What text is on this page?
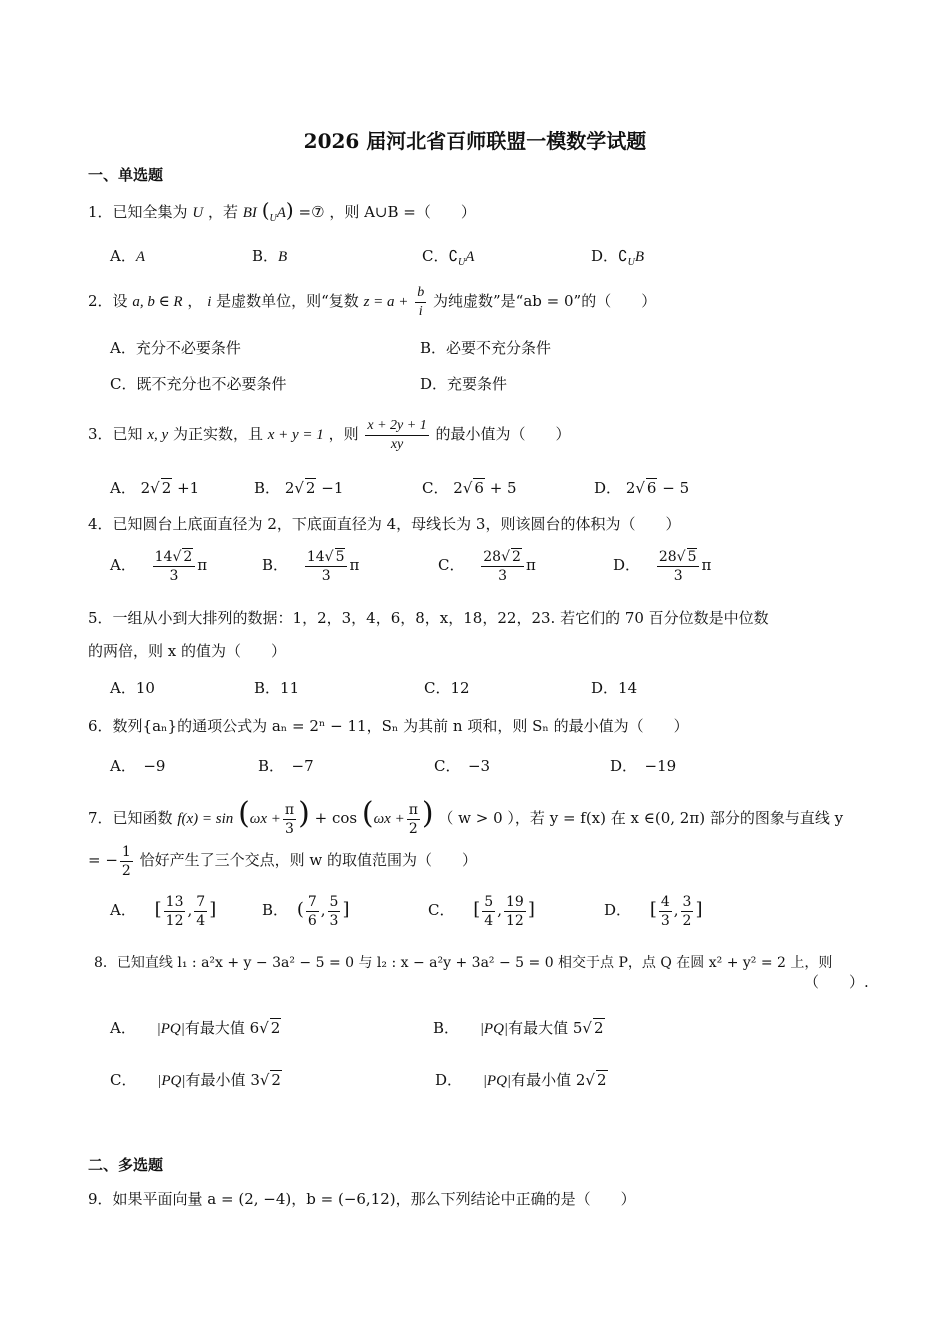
2026 届河北省百师联盟一模数学试题
一、单选题
1．已知全集为 U ，若 BI $(_UA)$ =⑦ ，则 A∪B =（　　）
A．A	B．B	C．$∁_UA$	D．$∁_UB$
2．设 a, b ∈ R ， i 是虚数单位，则“复数 $z = a + \frac{b}{i}$ 为纯虚数”是“ab = 0”的（　　）
A．充分不必要条件	B．必要不充分条件
C．既不充分也不必要条件	D．充要条件
3．已知 x, y 为正实数，且 x + y = 1 ，则 $\frac{x + 2y + 1}{xy}$ 的最小值为（　　）
A． 2√ 2 +1	B． 2√ 2 −1	C． 2√ 6 + 5	D． 2√ 6 − 5
4．已知圆台上底面直径为 2，下底面直径为 4，母线长为 3，则该圆台的体积为（　　）
A． $\frac{14√ 2}{3}$ π	B． $\frac{14√ 5}{3}$ π	C． $\frac{28√ 2}{3}$ π	D． $\frac{28√ 5}{3}$ π
5．一组从小到大排列的数据：1，2，3，4，6，8，x，18，22，23. 若它们的 70 百分位数是中位数
的两倍，则 x 的值为（　　）
A．10	B．11	C．12	D．14
6．数列{aₙ}的通项公式为 aₙ = 2ⁿ − 11，Sₙ 为其前 n 项和，则 Sₙ 的最小值为（　　）
A．　−9	B．　−7	C．　−3	D．　−19
7．已知函数 $f(x) = \sin (\omega x + \frac{\pi}{3}$ ) + $\cos (\omega x + \frac{\pi}{2}$ ) （ w > 0 ），若 y = f(x) 在 x ∈(0, 2π) 部分的图象与直线 y
= − $\frac{1}{2}$ 恰好产生了三个交点，则 w 的取值范围为（　　）
A． [ $\frac{13}{12}$ , $\frac{7}{4}$ ]	B． ( $\frac{7}{6}$ , $\frac{5}{3}$ ]	C． [ $\frac{5}{4}$ , $\frac{19}{12}$ ]	D． [ $\frac{4}{3}$ , $\frac{3}{2}$ ]
8．已知直线 l₁ : a²x + y − 3a² − 5 = 0 与 l₂ : x − a²y + 3a² − 5 = 0 相交于点 P，点 Q 在圆 x² + y² = 2 上，则
（　　）.
A． |PQ|有最大值 6√ 2	B． |PQ|有最大值 5√ 2
C． |PQ|有最小值 3√ 2	D． |PQ|有最小值 2√ 2
二、多选题
9．如果平面向量 a = (2, −4)，b = (−6,12)，那么下列结论中正确的是（　　）
